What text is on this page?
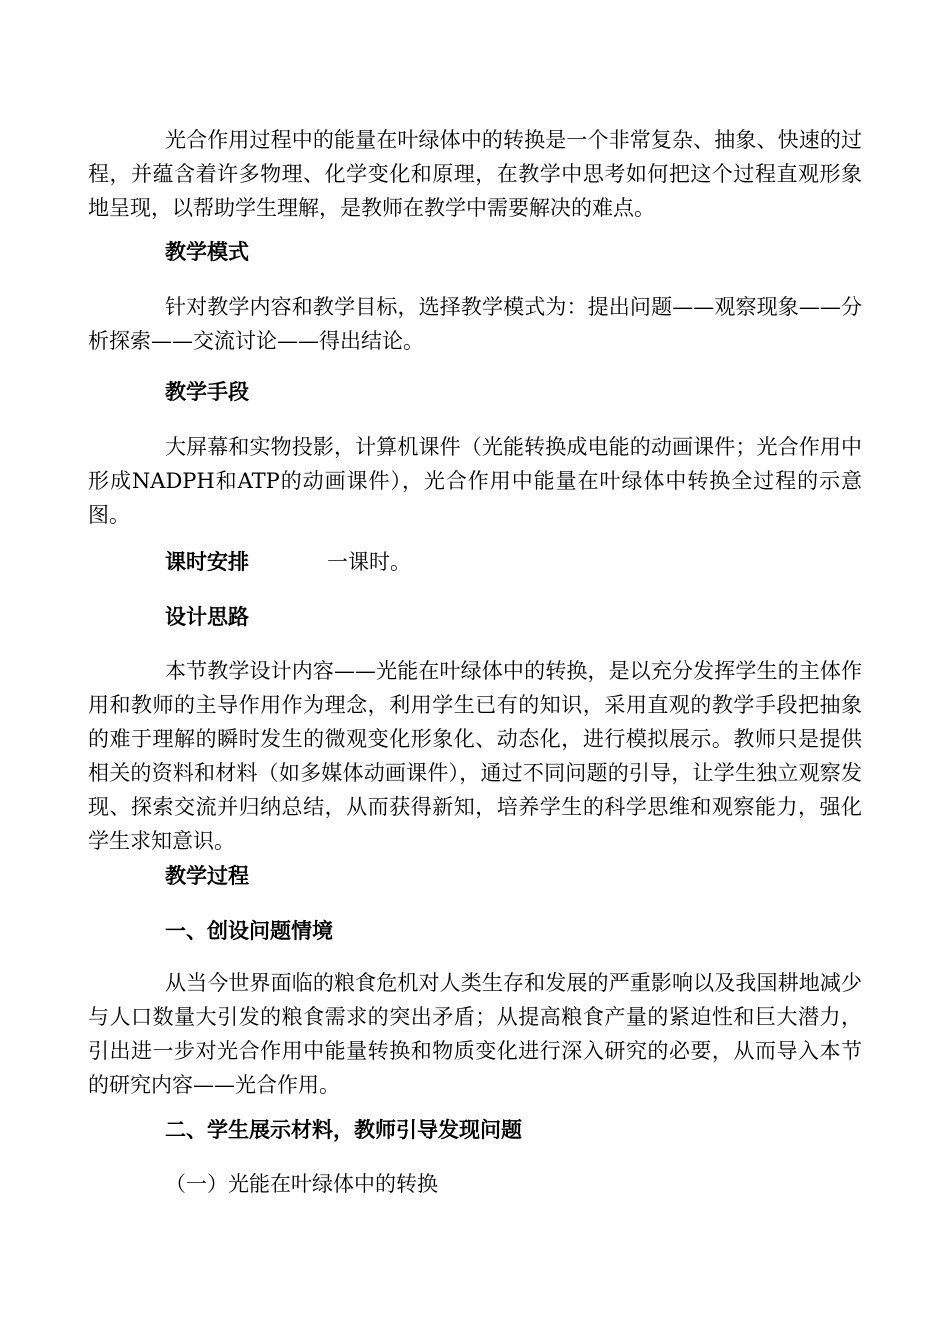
光合作用过程中的能量在叶绿体中的转换是一个非常复杂、抽象、快速的过程，并蕴含着许多物理、化学变化和原理，在教学中思考如何把这个过程直观形象地呈现，以帮助学生理解，是教师在教学中需要解决的难点。

教学模式

针对教学内容和教学目标，选择教学模式为：提出问题——观察现象——分析探索——交流讨论——得出结论。

教学手段

大屏幕和实物投影，计算机课件（光能转换成电能的动画课件；光合作用中形成NADPH和ATP的动画课件），光合作用中能量在叶绿体中转换全过程的示意图。

课时安排	一课时。
设计思路

本节教学设计内容——光能在叶绿体中的转换，是以充分发挥学生的主体作用和教师的主导作用作为理念，利用学生已有的知识，采用直观的教学手段把抽象的难于理解的瞬时发生的微观变化形象化、动态化，进行模拟展示。教师只是提供相关的资料和材料（如多媒体动画课件），通过不同问题的引导，让学生独立观察发现、探索交流并归纳总结，从而获得新知，培养学生的科学思维和观察能力，强化学生求知意识。

教学过程
一、创设问题情境

从当今世界面临的粮食危机对人类生存和发展的严重影响以及我国耕地减少与人口数量大引发的粮食需求的突出矛盾；从提高粮食产量的紧迫性和巨大潜力，引出进一步对光合作用中能量转换和物质变化进行深入研究的必要，从而导入本节的研究内容——光合作用。

二、学生展示材料，教师引导发现问题
（一）光能在叶绿体中的转换
